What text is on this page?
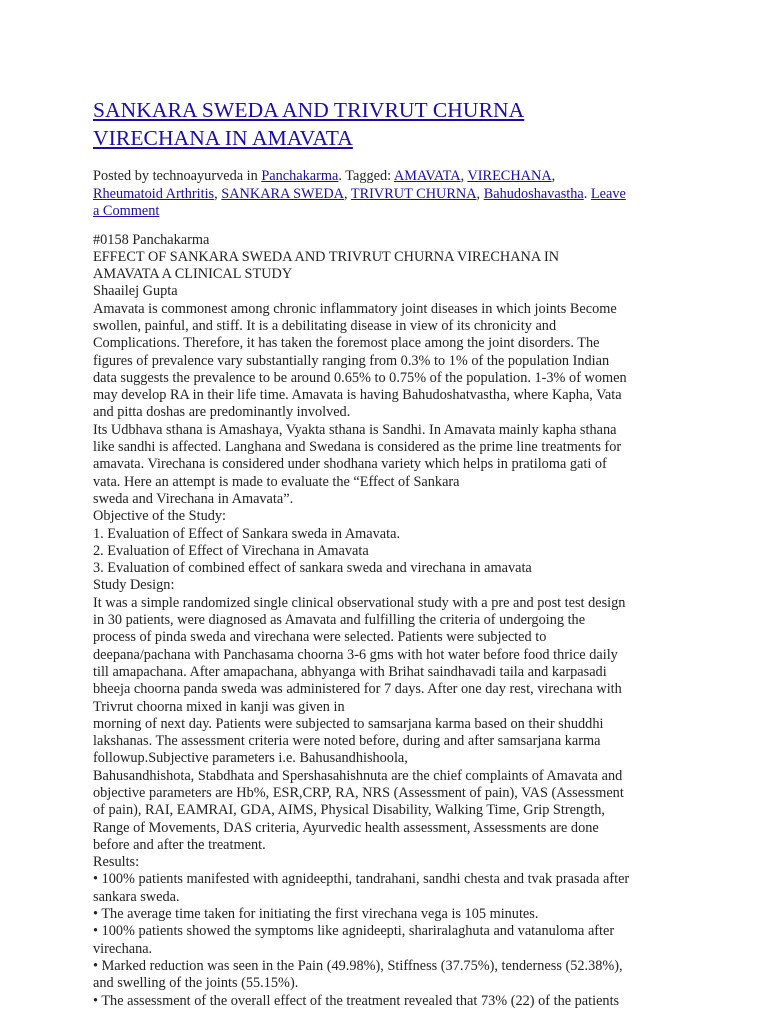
SANKARA SWEDA AND TRIVRUT CHURNA
VIRECHANA IN AMAVATA
Posted by technoayurveda in Panchakarma. Tagged: AMAVATA, VIRECHANA,
Rheumatoid Arthritis, SANKARA SWEDA, TRIVRUT CHURNA, Bahudoshavastha. Leave
a Comment
#0158 Panchakarma
EFFECT OF SANKARA SWEDA AND TRIVRUT CHURNA VIRECHANA IN
AMAVATA A CLINICAL STUDY
Shaailej Gupta
Amavata is commonest among chronic inflammatory joint diseases in which joints Become
swollen, painful, and stiff. It is a debilitating disease in view of its chronicity and
Complications. Therefore, it has taken the foremost place among the joint disorders. The
figures of prevalence vary substantially ranging from 0.3% to 1% of the population Indian
data suggests the prevalence to be around 0.65% to 0.75% of the population. 1-3% of women
may develop RA in their life time. Amavata is having Bahudoshatvastha, where Kapha, Vata
and pitta doshas are predominantly involved.
Its Udbhava sthana is Amashaya, Vyakta sthana is Sandhi. In Amavata mainly kapha sthana
like sandhi is affected. Langhana and Swedana is considered as the prime line treatments for
amavata. Virechana is considered under shodhana variety which helps in pratiloma gati of
vata. Here an attempt is made to evaluate the “Effect of Sankara
sweda and Virechana in Amavata”.
Objective of the Study:
1. Evaluation of Effect of Sankara sweda in Amavata.
2. Evaluation of Effect of Virechana in Amavata
3. Evaluation of combined effect of sankara sweda and virechana in amavata
Study Design:
It was a simple randomized single clinical observational study with a pre and post test design
in 30 patients, were diagnosed as Amavata and fulfilling the criteria of undergoing the
process of pinda sweda and virechana were selected. Patients were subjected to
deepana/pachana with Panchasama choorna 3-6 gms with hot water before food thrice daily
till amapachana. After amapachana, abhyanga with Brihat saindhavadi taila and karpasadi
bheeja choorna panda sweda was administered for 7 days. After one day rest, virechana with
Trivrut choorna mixed in kanji was given in
morning of next day. Patients were subjected to samsarjana karma based on their shuddhi
lakshanas. The assessment criteria were noted before, during and after samsarjana karma
followup.Subjective parameters i.e. Bahusandhishoola,
Bahusandhishota, Stabdhata and Spershasahishnuta are the chief complaints of Amavata and
objective parameters are Hb%, ESR,CRP, RA, NRS (Assessment of pain), VAS (Assessment
of pain), RAI, EAMRAI, GDA, AIMS, Physical Disability, Walking Time, Grip Strength,
Range of Movements, DAS criteria, Ayurvedic health assessment, Assessments are done
before and after the treatment.
Results:
• 100% patients manifested with agnideepthi, tandrahani, sandhi chesta and tvak prasada after
sankara sweda.
• The average time taken for initiating the first virechana vega is 105 minutes.
• 100% patients showed the symptoms like agnideepti, shariralaghuta and vatanuloma after
virechana.
• Marked reduction was seen in the Pain (49.98%), Stiffness (37.75%), tenderness (52.38%),
and swelling of the joints (55.15%).
• The assessment of the overall effect of the treatment revealed that 73% (22) of the patients
